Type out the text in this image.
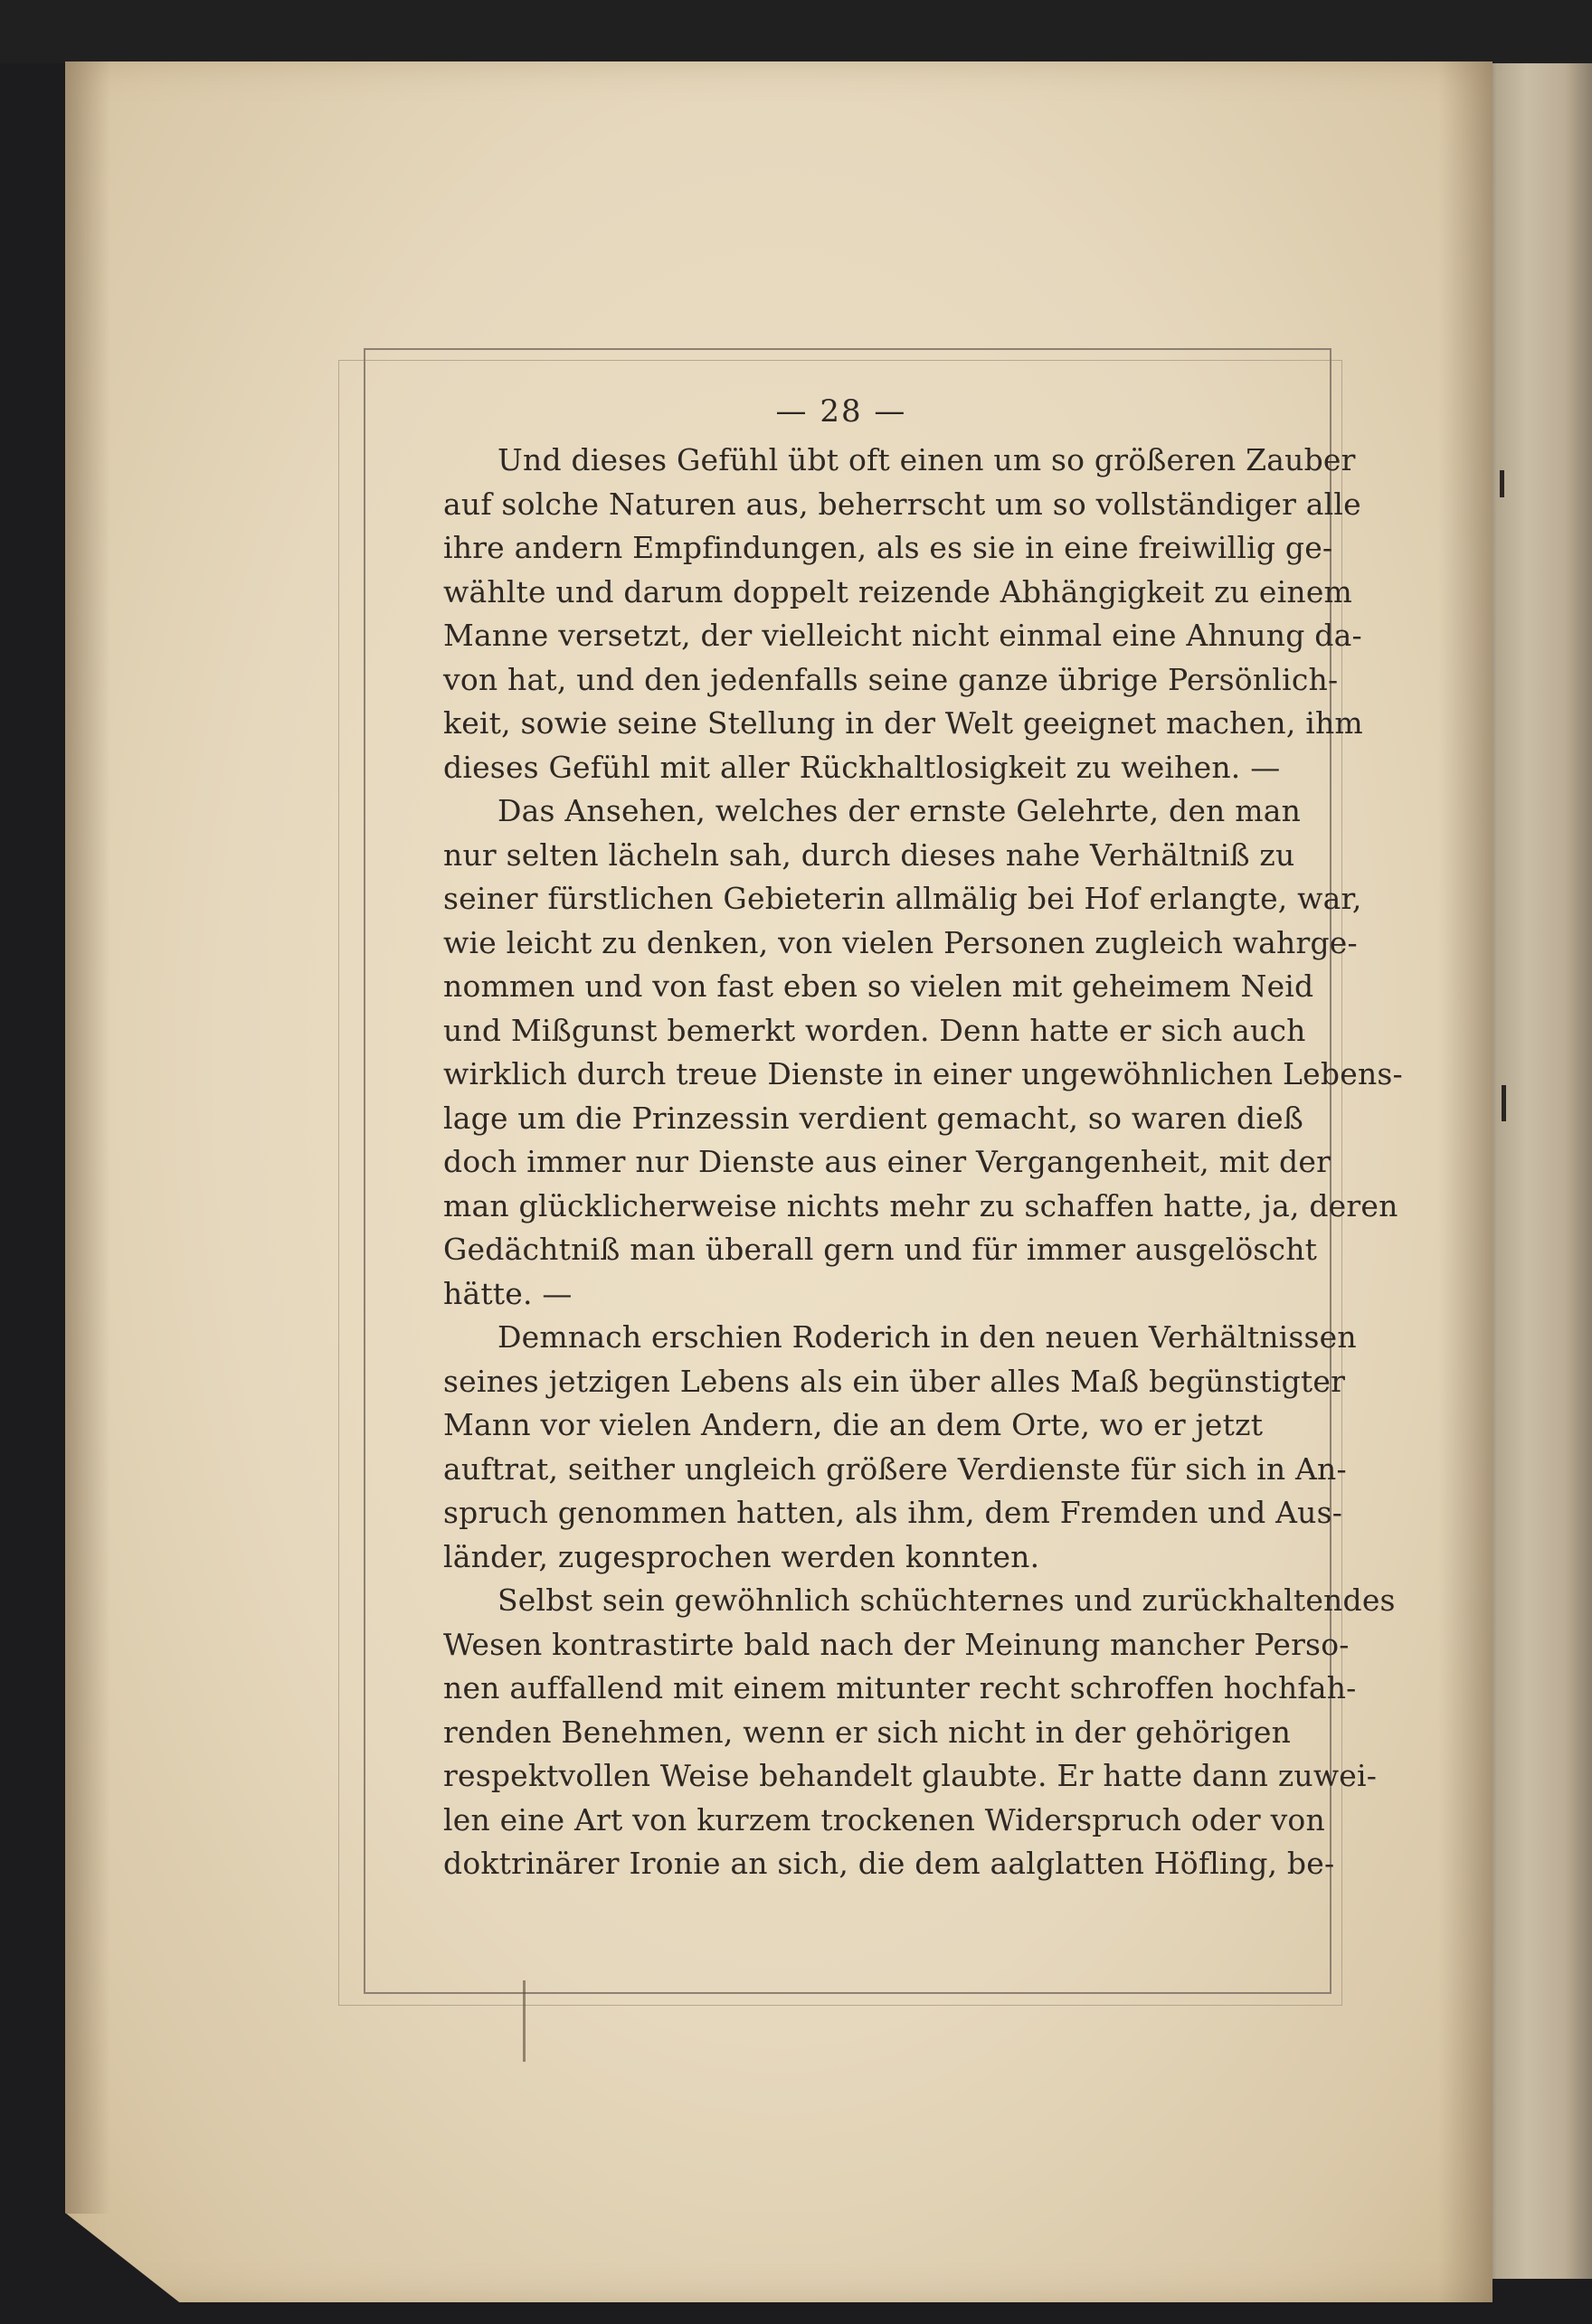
— 28 —
Und dieses Gefühl übt oft einen um so größeren Zauber
auf solche Naturen aus, beherrscht um so vollständiger alle
ihre andern Empfindungen, als es sie in eine freiwillig ge-
wählte und darum doppelt reizende Abhängigkeit zu einem
Manne versetzt, der vielleicht nicht einmal eine Ahnung da-
von hat, und den jedenfalls seine ganze übrige Persönlich-
keit, sowie seine Stellung in der Welt geeignet machen, ihm
dieses Gefühl mit aller Rückhaltlosigkeit zu weihen. —
Das Ansehen, welches der ernste Gelehrte, den man
nur selten lächeln sah, durch dieses nahe Verhältniß zu
seiner fürstlichen Gebieterin allmälig bei Hof erlangte, war,
wie leicht zu denken, von vielen Personen zugleich wahrge-
nommen und von fast eben so vielen mit geheimem Neid
und Mißgunst bemerkt worden. Denn hatte er sich auch
wirklich durch treue Dienste in einer ungewöhnlichen Lebens-
lage um die Prinzessin verdient gemacht, so waren dieß
doch immer nur Dienste aus einer Vergangenheit, mit der
man glücklicherweise nichts mehr zu schaffen hatte, ja, deren
Gedächtniß man überall gern und für immer ausgelöscht
hätte. —
Demnach erschien Roderich in den neuen Verhältnissen
seines jetzigen Lebens als ein über alles Maß begünstigter
Mann vor vielen Andern, die an dem Orte, wo er jetzt
auftrat, seither ungleich größere Verdienste für sich in An-
spruch genommen hatten, als ihm, dem Fremden und Aus-
länder, zugesprochen werden konnten.
Selbst sein gewöhnlich schüchternes und zurückhaltendes
Wesen kontrastirte bald nach der Meinung mancher Perso-
nen auffallend mit einem mitunter recht schroffen hochfah-
renden Benehmen, wenn er sich nicht in der gehörigen
respektvollen Weise behandelt glaubte. Er hatte dann zuwei-
len eine Art von kurzem trockenen Widerspruch oder von
doktrinärer Ironie an sich, die dem aalglatten Höfling, be-
